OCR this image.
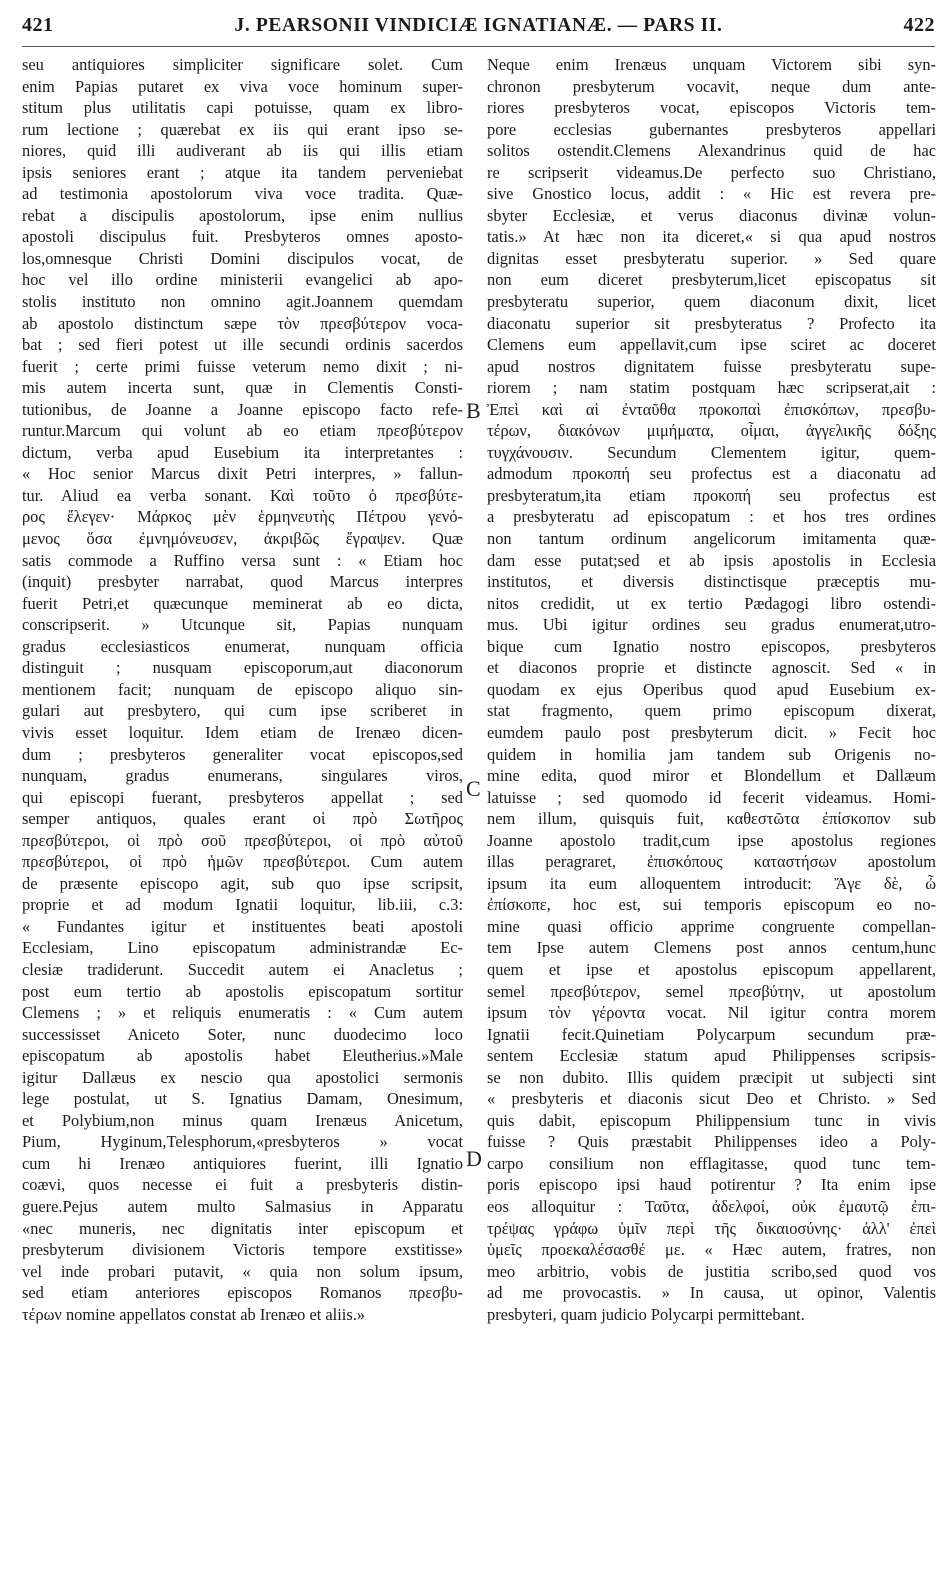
421	J. PEARSONII VINDICIÆ IGNATIANÆ. — PARS II.	422
seu antiquiores simpliciter significare solet. Cum
enim Papias putaret ex viva voce hominum super-
stitum plus utilitatis capi potuisse, quam ex libro-
rum lectione ; quærebat ex iis qui erant ipso se-
niores, quid illi audiverant ab iis qui illis etiam
ipsis seniores erant ; atque ita tandem perveniebat
ad testimonia apostolorum viva voce tradita. Quæ-
rebat a discipulis apostolorum, ipse enim nullius
apostoli discipulus fuit. Presbyteros omnes aposto-
los,omnesque Christi Domini discipulos vocat, de
hoc vel illo ordine ministerii evangelici ab apo-
stolis instituto non omnino agit.Joannem quemdam
ab apostolo distinctum sæpe τὸν πρεσβύτερον voca-
bat ; sed fieri potest ut ille secundi ordinis sacerdos
fuerit ; certe primi fuisse veterum nemo dixit ; ni-
mis autem incerta sunt, quæ in Clementis Consti-
tutionibus, de Joanne a Joanne episcopo facto refe-
runtur.Marcum qui volunt ab eo etiam πρεσβύτερον
dictum, verba apud Eusebium ita interpretantes :
« Hoc senior Marcus dixit Petri interpres, » fallun-
tur. Aliud ea verba sonant. Καὶ τοῦτο ὁ πρεσβύτε-
ρος ἔλεγεν· Μάρκος μὲν ἑρμηνευτὴς Πέτρου γενό-
μενος ὅσα ἐμνημόνευσεν, ἀκριβῶς ἔγραψεν. Quæ
satis commode a Ruffino versa sunt : « Etiam hoc
(inquit) presbyter narrabat, quod Marcus interpres
fuerit Petri,et quæcunque meminerat ab eo dicta,
conscripserit. » Utcunque sit, Papias nunquam
gradus ecclesiasticos enumerat, nunquam officia
distinguit ; nusquam episcoporum,aut diaconorum
mentionem facit; nunquam de episcopo aliquo sin-
gulari aut presbytero, qui cum ipse scriberet in
vivis esset loquitur. Idem etiam de Irenæo dicen-
dum ; presbyteros generaliter vocat episcopos,sed
nunquam, gradus enumerans, singulares viros,
qui episcopi fuerant, presbyteros appellat ; sed
semper antiquos, quales erant οἱ πρὸ Σωτῆρος
πρεσβύτεροι, οἱ πρὸ σοῦ πρεσβύτεροι, οἱ πρὸ αὐτοῦ
πρεσβύτεροι, οἱ πρὸ ἡμῶν πρεσβύτεροι. Cum autem
de præsente episcopo agit, sub quo ipse scripsit,
proprie et ad modum Ignatii loquitur, lib.iii, c.3:
« Fundantes igitur et instituentes beati apostoli
Ecclesiam, Lino episcopatum administrandæ Ec-
clesiæ tradiderunt. Succedit autem ei Anacletus ;
post eum tertio ab apostolis episcopatum sortitur
Clemens ; » et reliquis enumeratis : « Cum autem
successisset Aniceto Soter, nunc duodecimo loco
episcopatum ab apostolis habet Eleutherius.»Male
igitur Dallæus ex nescio qua apostolici sermonis
lege postulat, ut S. Ignatius Damam, Onesimum,
et Polybium,non minus quam Irenæus Anicetum,
Pium, Hyginum,Telesphorum,«presbyteros » vocat
cum hi Irenæo antiquiores fuerint, illi Ignatio
coævi, quos necesse ei fuit a presbyteris distin-
guere.Pejus autem multo Salmasius in Apparatu
«nec muneris, nec dignitatis inter episcopum et
presbyterum divisionem Victoris tempore exstitisse»
vel inde probari putavit, « quia non solum ipsum,
sed etiam anteriores episcopos Romanos πρεσβυ-
τέρων nomine appellatos constat ab Irenæo et aliis.»
Neque enim Irenæus unquam Victorem sibi syn-
chronon presbyterum vocavit, neque dum ante-
riores presbyteros vocat, episcopos Victoris tem-
pore ecclesias gubernantes presbyteros appellari
solitos ostendit.Clemens Alexandrinus quid de hac
re scripserit videamus.De perfecto suo Christiano,
sive Gnostico locus, addit : « Hic est revera pre-
sbyter Ecclesiæ, et verus diaconus divinæ volun-
tatis.» At hæc non ita diceret,« si qua apud nostros
dignitas esset presbyteratu superior. » Sed quare
non eum diceret presbyterum,licet episcopatus sit
presbyteratu superior, quem diaconum dixit, licet
diaconatu superior sit presbyteratus ? Profecto ita
Clemens eum appellavit,cum ipse sciret ac doceret
apud nostros dignitatem fuisse presbyteratu supe-
riorem ; nam statim postquam hæc scripserat,ait :
Ἐπεὶ καὶ αἱ ἐνταῦθα προκοπαὶ ἐπισκόπων, πρεσβυ-
τέρων, διακόνων μιμήματα, οἶμαι, ἀγγελικῆς δόξης
τυγχάνουσιν. Secundum Clementem igitur, quem-
admodum προκοπή seu profectus est a diaconatu ad
presbyteratum,ita etiam προκοπή seu profectus est
a presbyteratu ad episcopatum : et hos tres ordines
non tantum ordinum angelicorum imitamenta quæ-
dam esse putat;sed et ab ipsis apostolis in Ecclesia
institutos, et diversis distinctisque præceptis mu-
nitos credidit, ut ex tertio Pædagogi libro ostendi-
mus. Ubi igitur ordines seu gradus enumerat,utro-
bique cum Ignatio nostro episcopos, presbyteros
et diaconos proprie et distincte agnoscit. Sed « in
quodam ex ejus Operibus quod apud Eusebium ex-
stat fragmento, quem primo episcopum dixerat,
eumdem paulo post presbyterum dicit. » Fecit hoc
quidem in homilia jam tandem sub Origenis no-
mine edita, quod miror et Blondellum et Dallæum
latuisse ; sed quomodo id fecerit videamus. Homi-
nem illum, quisquis fuit, καθεστῶτα ἐπίσκοπον sub
Joanne apostolo tradit,cum ipse apostolus regiones
illas peragraret, ἐπισκόπους καταστήσων apostolum
ipsum ita eum alloquentem introducit: Ἄγε δὲ, ὦ
ἐπίσκοπε, hoc est, sui temporis episcopum eo no-
mine quasi officio apprime congruente compellan-
tem Ipse autem Clemens post annos centum,hunc
quem et ipse et apostolus episcopum appellarent,
semel πρεσβύτερον, semel πρεσβύτην, ut apostolum
ipsum τὸν γέροντα vocat. Nil igitur contra morem
Ignatii fecit.Quinetiam Polycarpum secundum præ-
sentem Ecclesiæ statum apud Philippenses scripsis-
se non dubito. Illis quidem præcipit ut subjecti sint
« presbyteris et diaconis sicut Deo et Christo. » Sed
quis dabit, episcopum Philippensium tunc in vivis
fuisse ? Quis præstabit Philippenses ideo a Poly-
carpo consilium non efflagitasse, quod tunc tem-
poris episcopo ipsi haud potirentur ? Ita enim ipse
eos alloquitur : Ταῦτα, ἀδελφοί, οὐκ ἐμαυτῷ ἐπι-
τρέψας γράφω ὑμῖν περὶ τῆς δικαιοσύνης· ἀλλ' ἐπεὶ
ὑμεῖς προεκαλέσασθέ με. « Hæc autem, fratres, non
meo arbitrio, vobis de justitia scribo,sed quod vos
ad me provocastis. » In causa, ut opinor, Valentis
presbyteri, quam judicio Polycarpi permittebant.
B
C
D
